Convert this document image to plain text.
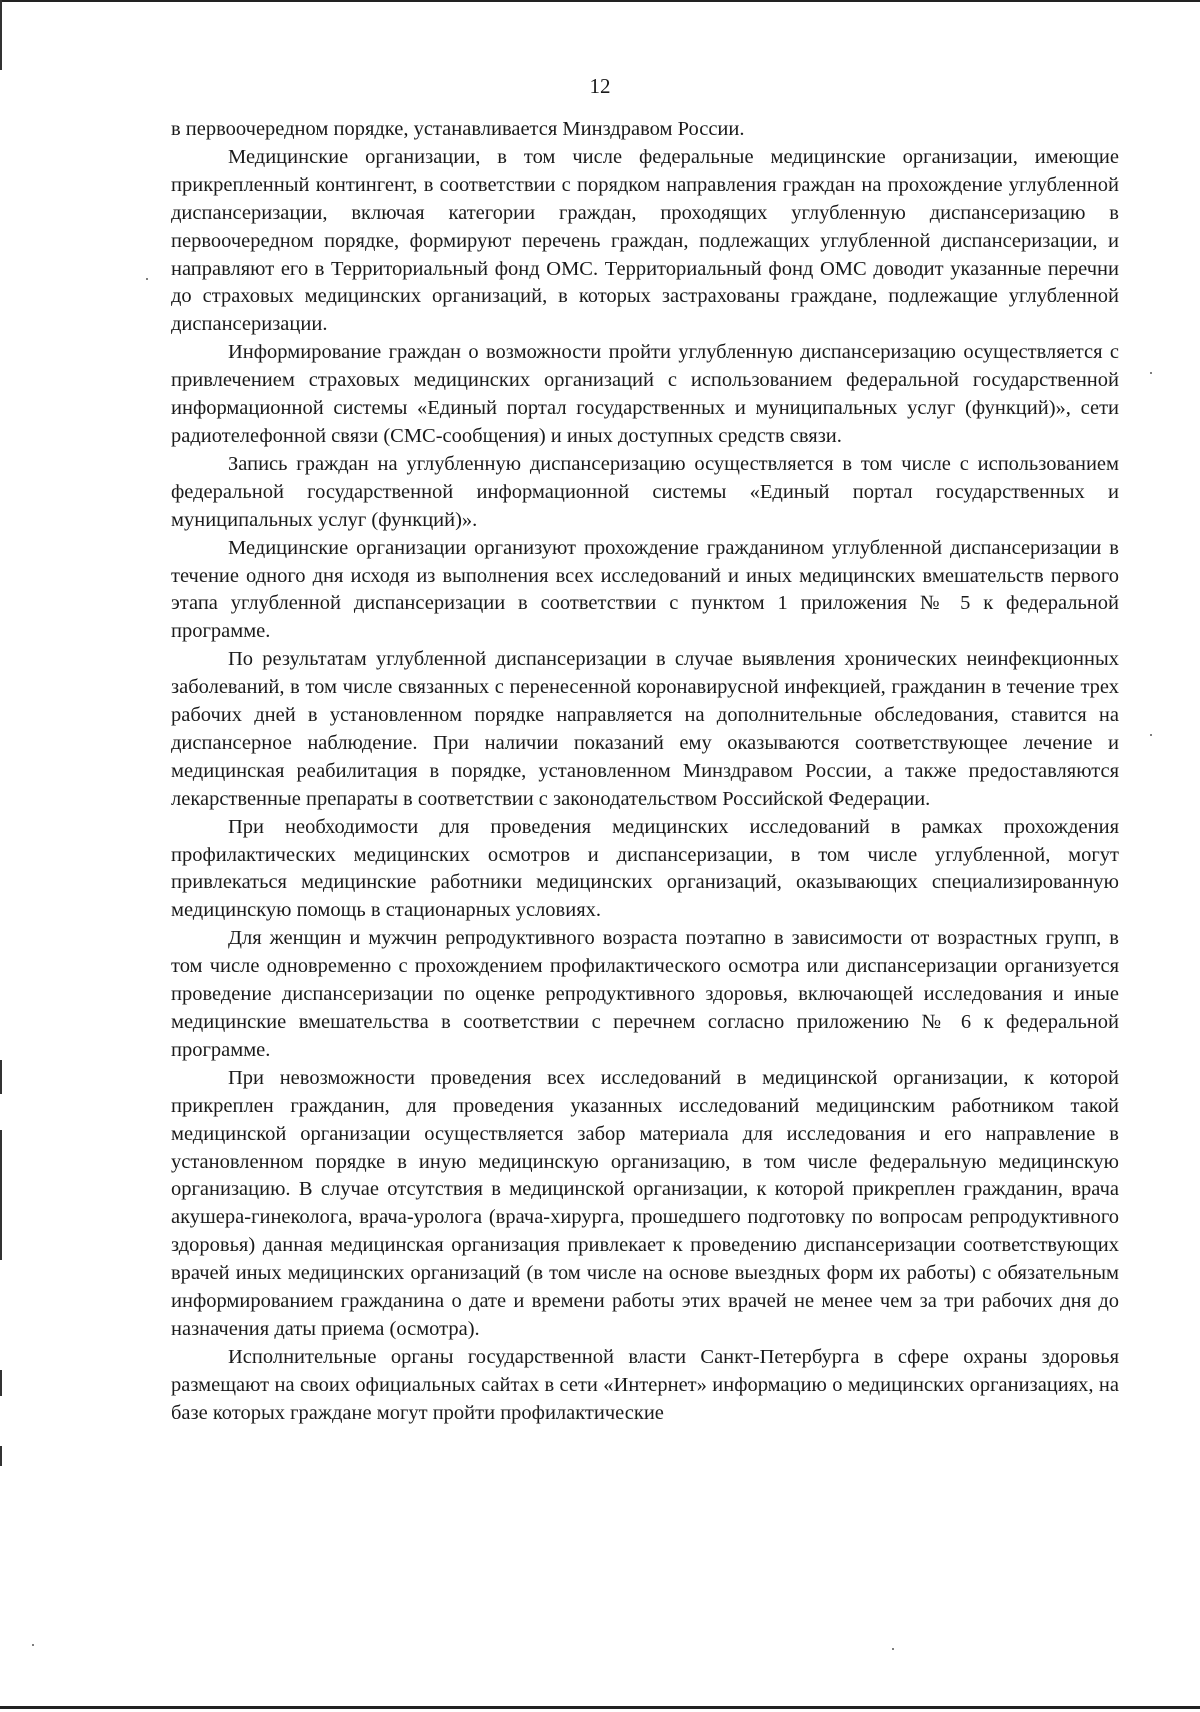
12

в первоочередном порядке, устанавливается Минздравом России.

Медицинские организации, в том числе федеральные медицинские организации, имеющие прикрепленный контингент, в соответствии с порядком направления граждан на прохождение углубленной диспансеризации, включая категории граждан, проходящих углубленную диспансеризацию в первоочередном порядке, формируют перечень граждан, подлежащих углубленной диспансеризации, и направляют его в Территориальный фонд ОМС. Территориальный фонд ОМС доводит указанные перечни до страховых медицинских организаций, в которых застрахованы граждане, подлежащие углубленной диспансеризации.

Информирование граждан о возможности пройти углубленную диспансеризацию осуществляется с привлечением страховых медицинских организаций с использованием федеральной государственной информационной системы «Единый портал государственных и муниципальных услуг (функций)», сети радиотелефонной связи (СМС-сообщения) и иных доступных средств связи.

Запись граждан на углубленную диспансеризацию осуществляется в том числе с использованием федеральной государственной информационной системы «Единый портал государственных и муниципальных услуг (функций)».

Медицинские организации организуют прохождение гражданином углубленной диспансеризации в течение одного дня исходя из выполнения всех исследований и иных медицинских вмешательств первого этапа углубленной диспансеризации в соответствии с пунктом 1 приложения № 5 к федеральной программе.

По результатам углубленной диспансеризации в случае выявления хронических неинфекционных заболеваний, в том числе связанных с перенесенной коронавирусной инфекцией, гражданин в течение трех рабочих дней в установленном порядке направляется на дополнительные обследования, ставится на диспансерное наблюдение. При наличии показаний ему оказываются соответствующее лечение и медицинская реабилитация в порядке, установленном Минздравом России, а также предоставляются лекарственные препараты в соответствии с законодательством Российской Федерации.

При необходимости для проведения медицинских исследований в рамках прохождения профилактических медицинских осмотров и диспансеризации, в том числе углубленной, могут привлекаться медицинские работники медицинских организаций, оказывающих специализированную медицинскую помощь в стационарных условиях.

Для женщин и мужчин репродуктивного возраста поэтапно в зависимости от возрастных групп, в том числе одновременно с прохождением профилактического осмотра или диспансеризации организуется проведение диспансеризации по оценке репродуктивного здоровья, включающей исследования и иные медицинские вмешательства в соответствии с перечнем согласно приложению № 6 к федеральной программе.

При невозможности проведения всех исследований в медицинской организации, к которой прикреплен гражданин, для проведения указанных исследований медицинским работником такой медицинской организации осуществляется забор материала для исследования и его направление в установленном порядке в иную медицинскую организацию, в том числе федеральную медицинскую организацию. В случае отсутствия в медицинской организации, к которой прикреплен гражданин, врача акушера-гинеколога, врача-уролога (врача-хирурга, прошедшего подготовку по вопросам репродуктивного здоровья) данная медицинская организация привлекает к проведению диспансеризации соответствующих врачей иных медицинских организаций (в том числе на основе выездных форм их работы) с обязательным информированием гражданина о дате и времени работы этих врачей не менее чем за три рабочих дня до назначения даты приема (осмотра).

Исполнительные органы государственной власти Санкт-Петербурга в сфере охраны здоровья размещают на своих официальных сайтах в сети «Интернет» информацию о медицинских организациях, на базе которых граждане могут пройти профилактические
